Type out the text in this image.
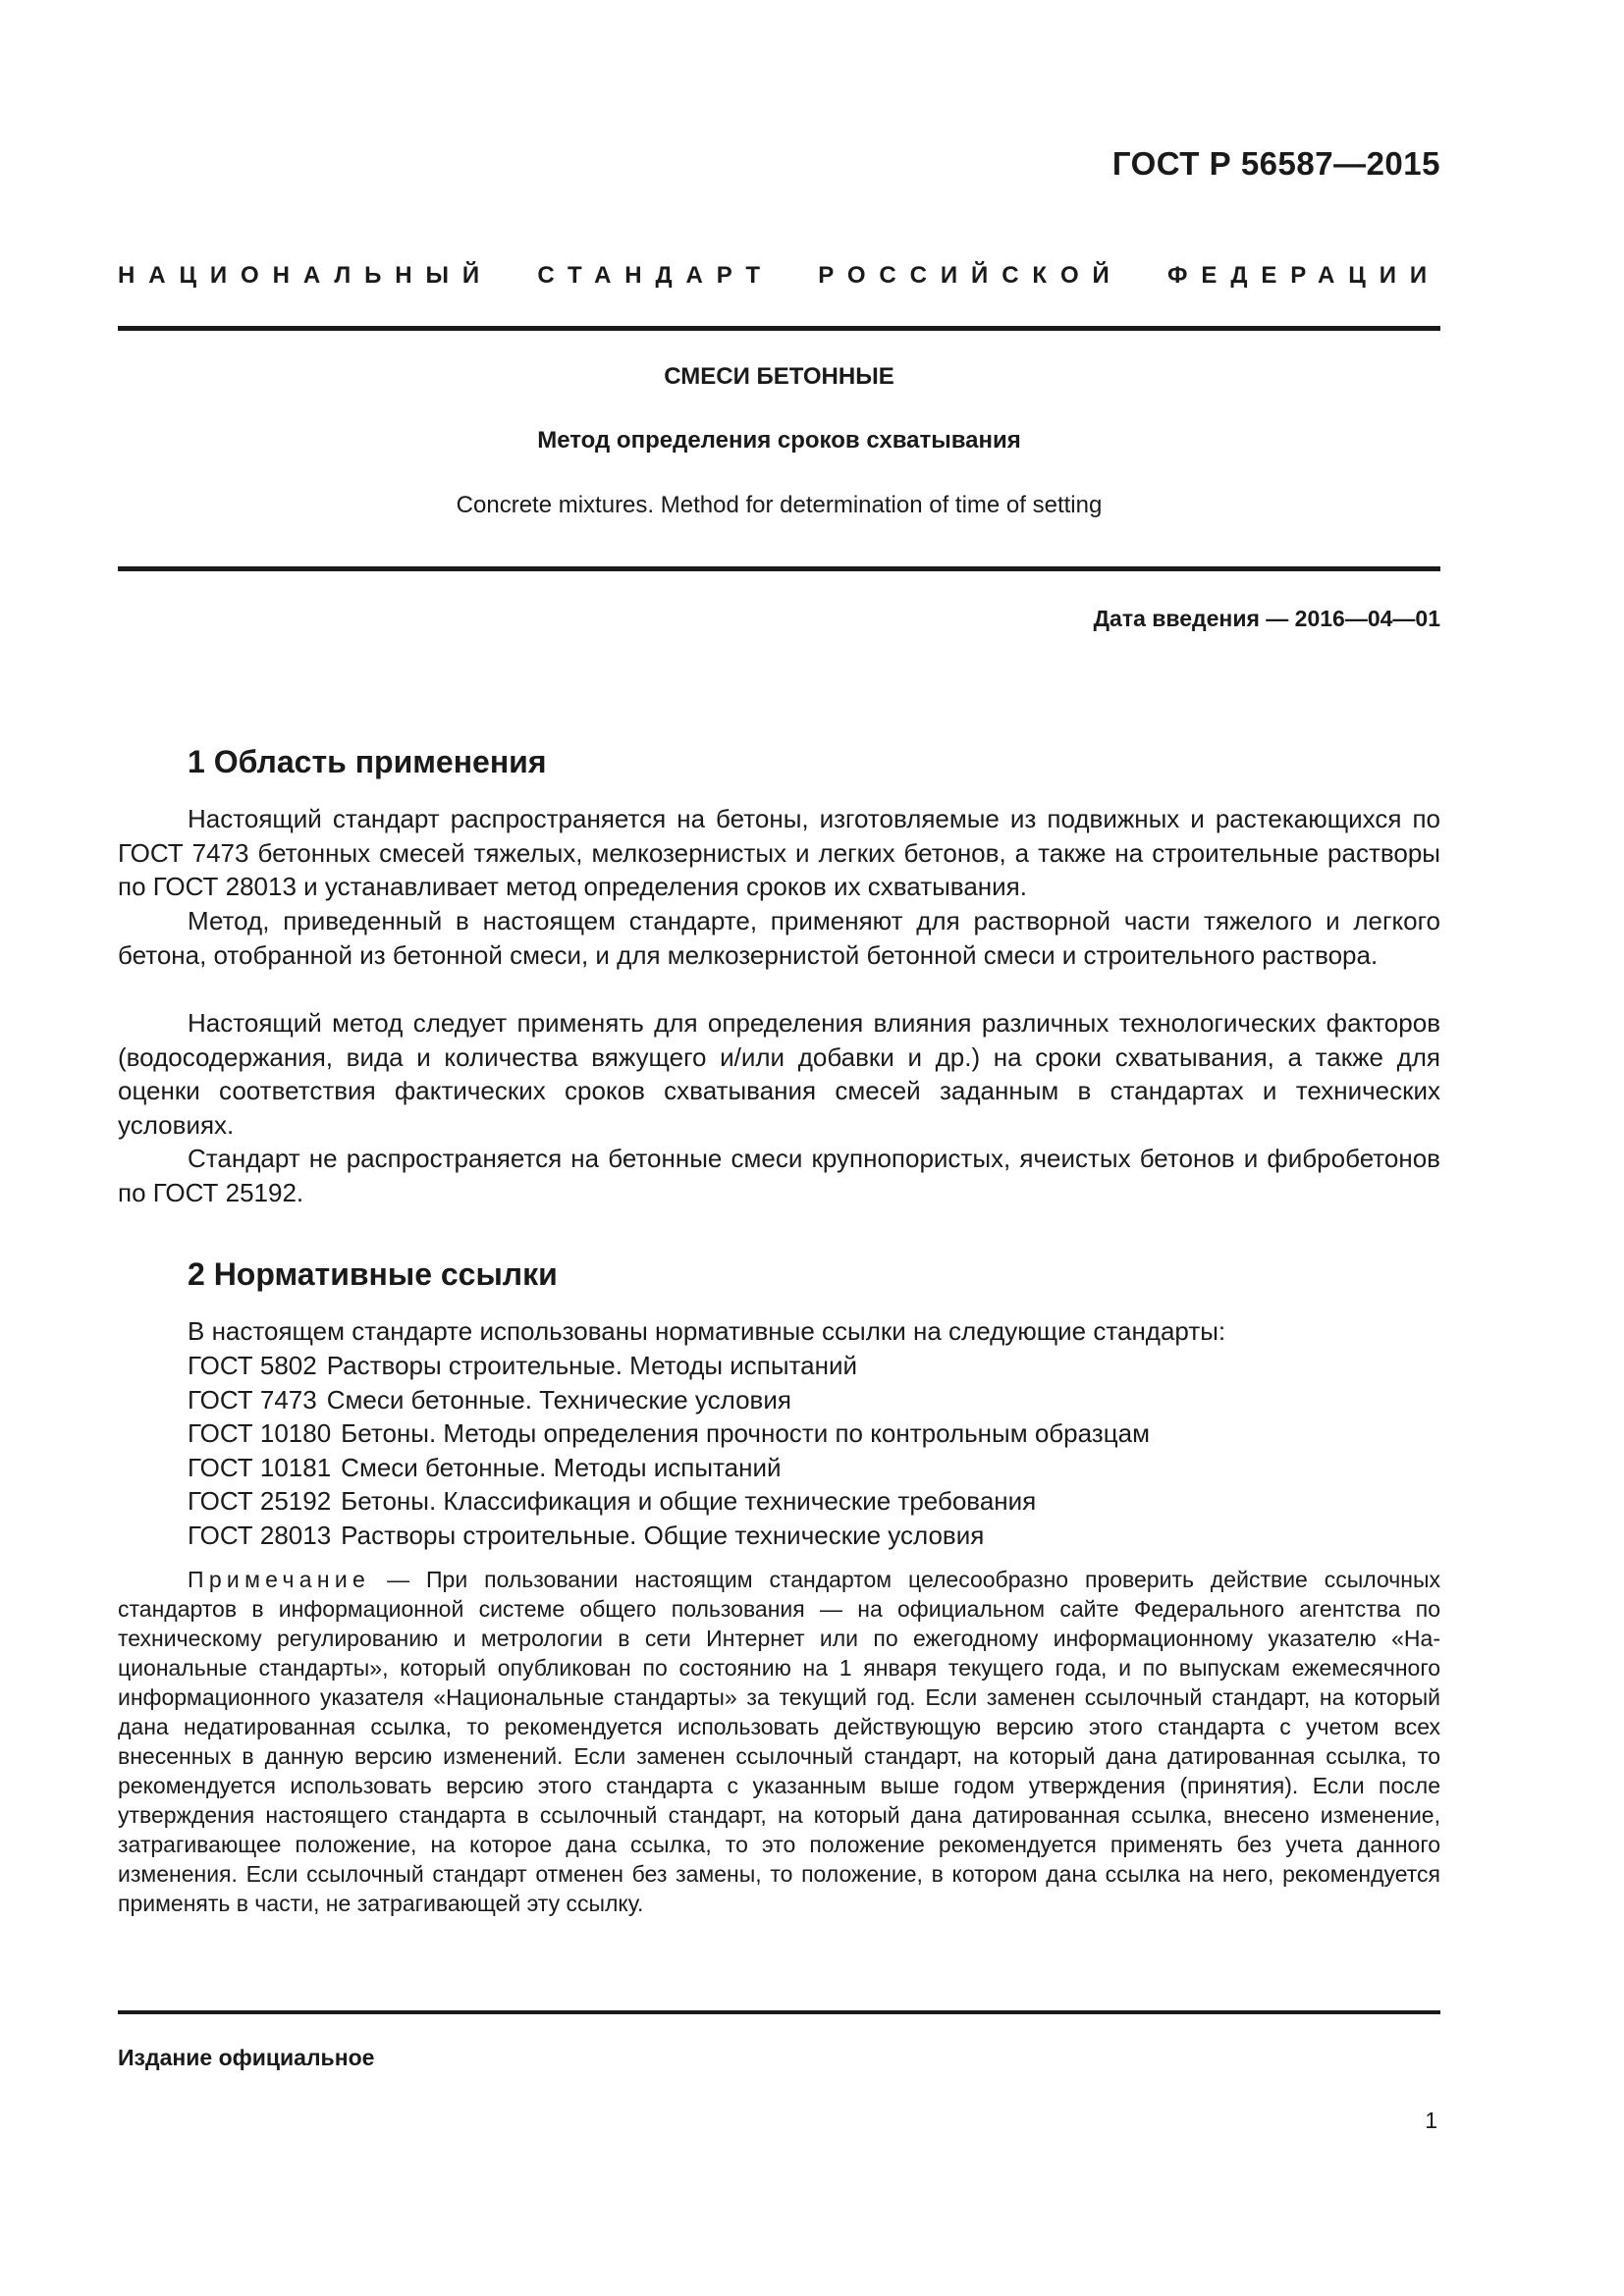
ГОСТ Р 56587—2015
НАЦИОНАЛЬНЫЙ СТАНДАРТ РОССИЙСКОЙ ФЕДЕРАЦИИ
СМЕСИ БЕТОННЫЕ
Метод определения сроков схватывания
Concrete mixtures. Method for determination of time of setting
Дата введения — 2016—04—01
1 Область применения

Настоящий стандарт распространяется на бетоны, изготовляемые из подвижных и растекающихся по ГОСТ 7473 бетонных смесей тяжелых, мелкозернистых и легких бетонов, а также на строительные растворы по ГОСТ 28013 и устанавливает метод определения сроков их схватывания.

Метод, приведенный в настоящем стандарте, применяют для растворной части тяжелого и легкого бетона, отобранной из бетонной смеси, и для мелкозернистой бетонной смеси и строительного раствора.

Настоящий метод следует применять для определения влияния различных технологических факторов (водосодержания, вида и количества вяжущего и/или добавки и др.) на сроки схватывания, а также для оценки соответствия фактических сроков схватывания смесей заданным в стандартах и технических условиях.

Стандарт не распространяется на бетонные смеси крупнопористых, ячеистых бетонов и фибробетонов по ГОСТ 25192.

2 Нормативные ссылки
В настоящем стандарте использованы нормативные ссылки на следующие стандарты:
ГОСТ 5802 Растворы строительные. Методы испытаний
ГОСТ 7473 Смеси бетонные. Технические условия
ГОСТ 10180 Бетоны. Методы определения прочности по контрольным образцам
ГОСТ 10181 Смеси бетонные. Методы испытаний
ГОСТ 25192 Бетоны. Классификация и общие технические требования
ГОСТ 28013 Растворы строительные. Общие технические условия

Примечание — При пользовании настоящим стандартом целесообразно проверить действие ссылочных стандартов в информационной системе общего пользования — на официальном сайте Федерального агентства по техническому регулированию и метрологии в сети Интернет или по ежегодному информационному указателю «Национальные стандарты», который опубликован по состоянию на 1 января текущего года, и по выпускам ежемесячного информационного указателя «Национальные стандарты» за текущий год. Если заменен ссылочный стандарт, на который дана недатированная ссылка, то рекомендуется использовать действующую версию этого стандарта с учетом всех внесенных в данную версию изменений. Если заменен ссылочный стандарт, на который дана датированная ссылка, то рекомендуется использовать версию этого стандарта с указанным выше годом утверждения (принятия). Если после утверждения настоящего стандарта в ссылочный стандарт, на который дана датированная ссылка, внесено изменение, затрагивающее положение, на которое дана ссылка, то это положение рекомендуется применять без учета данного изменения. Если ссылочный стандарт отменен без замены, то положение, в котором дана ссылка на него, рекомендуется применять в части, не затрагивающей эту ссылку.

Издание официальное
1
